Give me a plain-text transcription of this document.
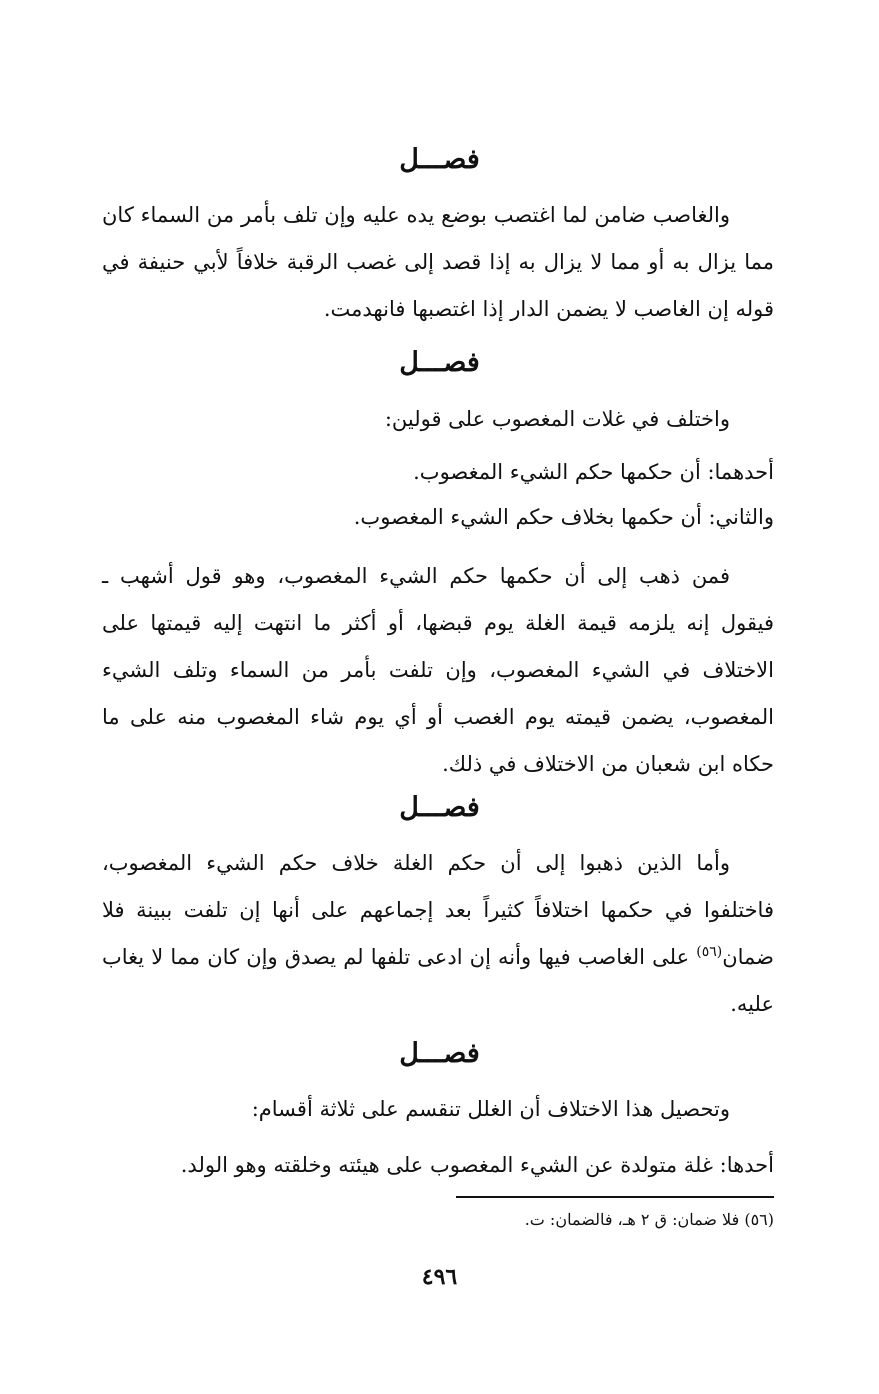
فصـــل
والغاصب ضامن لما اغتصب بوضع يده عليه وإن تلف بأمر من السماء كان مما يزال به أو مما لا يزال به إذا قصد إلى غصب الرقبة خلافاً لأبي حنيفة في قوله إن الغاصب لا يضمن الدار إذا اغتصبها فانهدمت.
فصـــل
واختلف في غلات المغصوب على قولين:
أحدهما: أن حكمها حكم الشيء المغصوب.
والثاني: أن حكمها بخلاف حكم الشيء المغصوب.
فمن ذهب إلى أن حكمها حكم الشيء المغصوب، وهو قول أشهب ـ فيقول إنه يلزمه قيمة الغلة يوم قبضها، أو أكثر ما انتهت إليه قيمتها على الاختلاف في الشيء المغصوب، وإن تلفت بأمر من السماء وتلف الشيء المغصوب، يضمن قيمته يوم الغصب أو أي يوم شاء المغصوب منه على ما حكاه ابن شعبان من الاختلاف في ذلك.
فصـــل
وأما الذين ذهبوا إلى أن حكم الغلة خلاف حكم الشيء المغصوب، فاختلفوا في حكمها اختلافاً كثيراً بعد إجماعهم على أنها إن تلفت ببينة فلا ضمان$^{(٥٦)}$ على الغاصب فيها وأنه إن ادعى تلفها لم يصدق وإن كان مما لا يغاب عليه.
فصـــل
وتحصيل هذا الاختلاف أن الغلل تنقسم على ثلاثة أقسام:
أحدها: غلة متولدة عن الشيء المغصوب على هيئته وخلقته وهو الولد.
(٥٦) فلا ضمان: ق ٢ هـ، فالضمان: ت.
٤٩٦
